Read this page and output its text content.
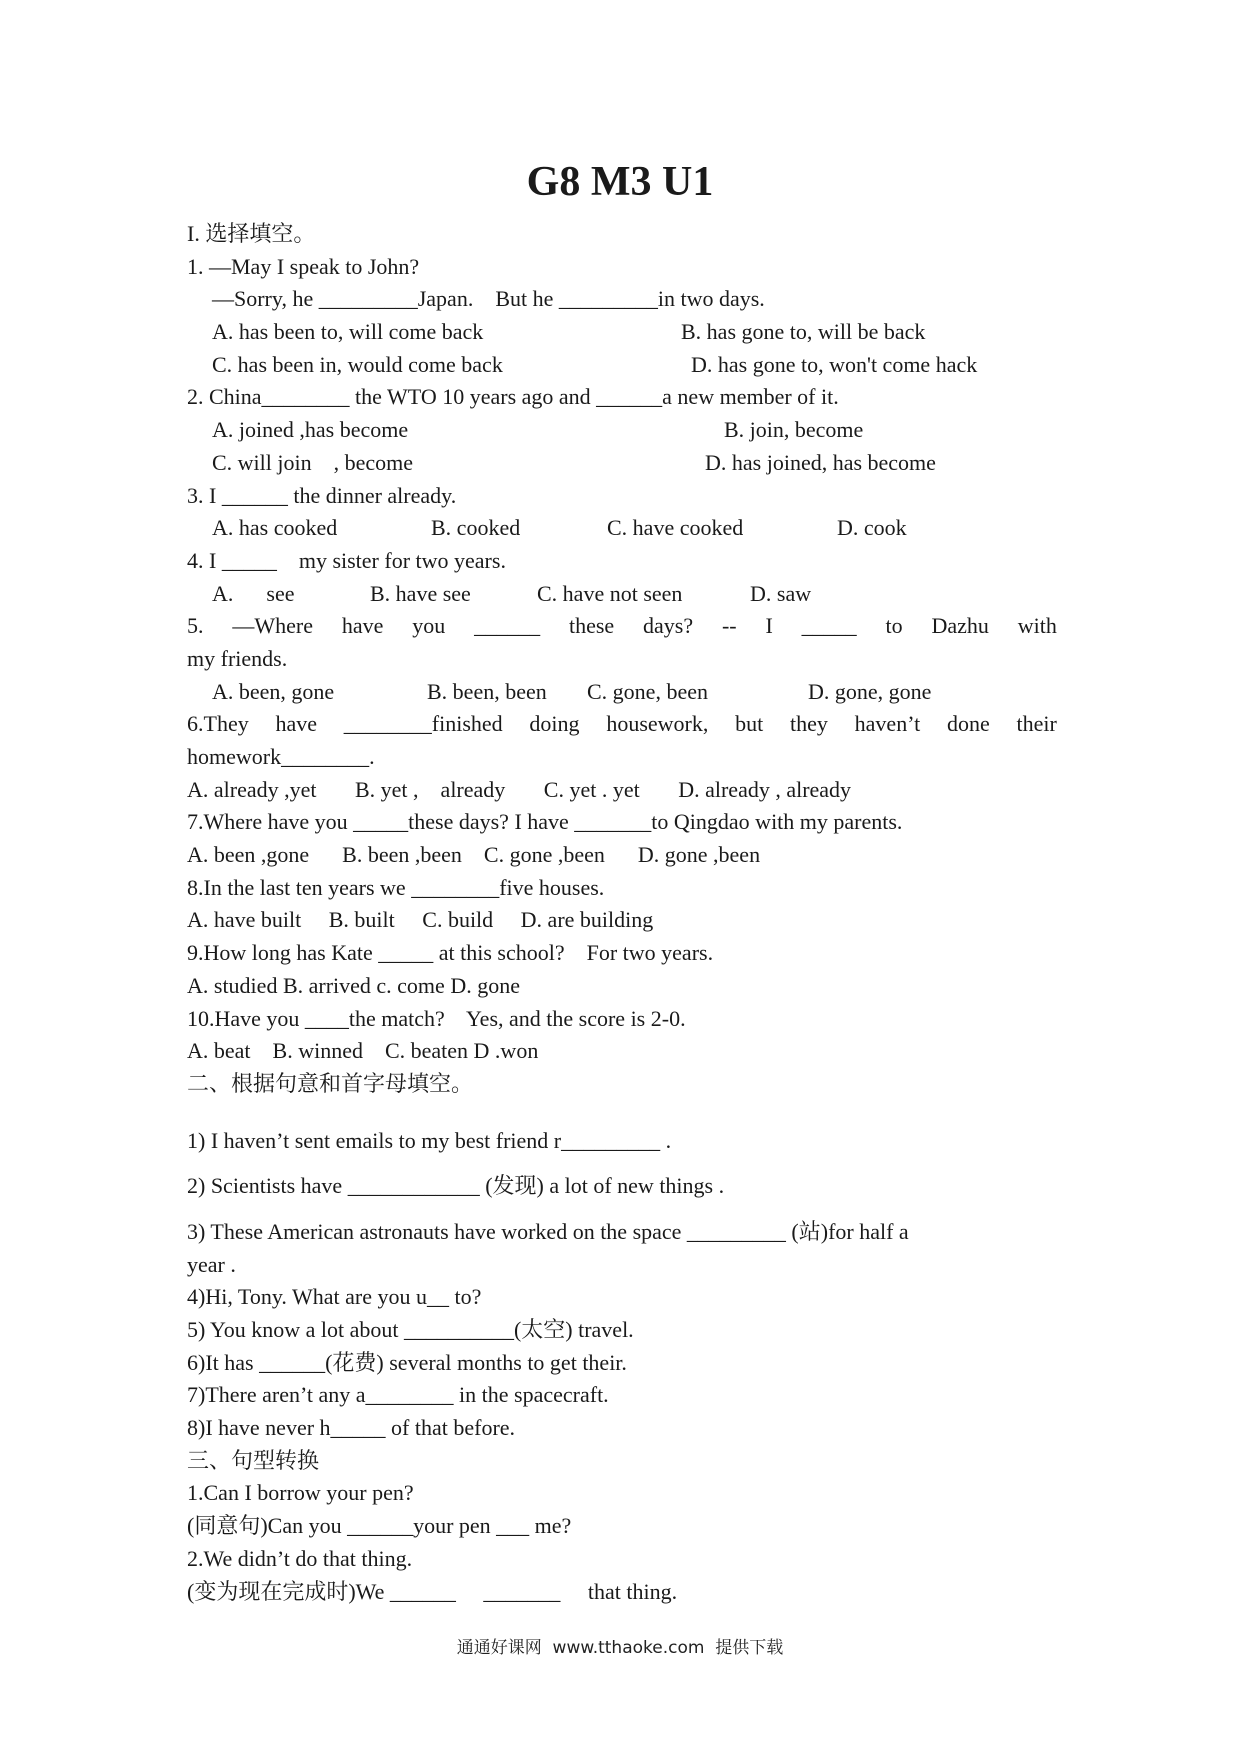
G8 M3 U1
I. 选择填空。
1. —May I speak to John?
—Sorry, he _________Japan.    But he _________in two days.
A. has been to, will come back	B. has gone to, will be back
C. has been in, would come back	D. has gone to, won't come hack
2. China________ the WTO 10 years ago and ______a new member of it.
A. joined ,has become	B. join, become
C. will join    , become	D. has joined, has become
3. I ______ the dinner already.
A. has cooked	B. cooked	C. have cooked	D. cook
4. I _____    my sister for two years.
A.      see	B. have see	C. have not seen	D. saw
5. —Where have you ______ these days? -- I _____ to Dazhu with
my friends.
A. been, gone	B. been, been C. gone, been	D. gone, gone
6.They have ________finished doing housework, but they haven’t done their
homework________.
A. already ,yet       B. yet ,    already       C. yet . yet       D. already , already
7.Where have you _____these days? I have _______to Qingdao with my parents.
A. been ,gone      B. been ,been    C. gone ,been      D. gone ,been
8.In the last ten years we ________five houses.
A. have built     B. built     C. build     D. are building
9.How long has Kate _____ at this school?    For two years.
A. studied B. arrived c. come D. gone
10.Have you ____the match?    Yes, and the score is 2-0.
A. beat    B. winned    C. beaten D .won
二、根据句意和首字母填空。
1) I haven’t sent emails to my best friend r_________ .
2) Scientists have ____________ (发现) a lot of new things .
3) These American astronauts have worked on the space _________ (站)for half a
year .
4)Hi, Tony. What are you u__ to?
5) You know a lot about __________(太空) travel.
6)It has ______(花费) several months to get their.
7)There aren’t any a________ in the spacecraft.
8)I have never h_____ of that before.
三、句型转换
1.Can I borrow your pen?
(同意句)Can you ______your pen ___ me?
2.We didn’t do that thing.
(变为现在完成时)We ______     _______     that thing.
通通好课网  www.tthaoke.com  提供下载
